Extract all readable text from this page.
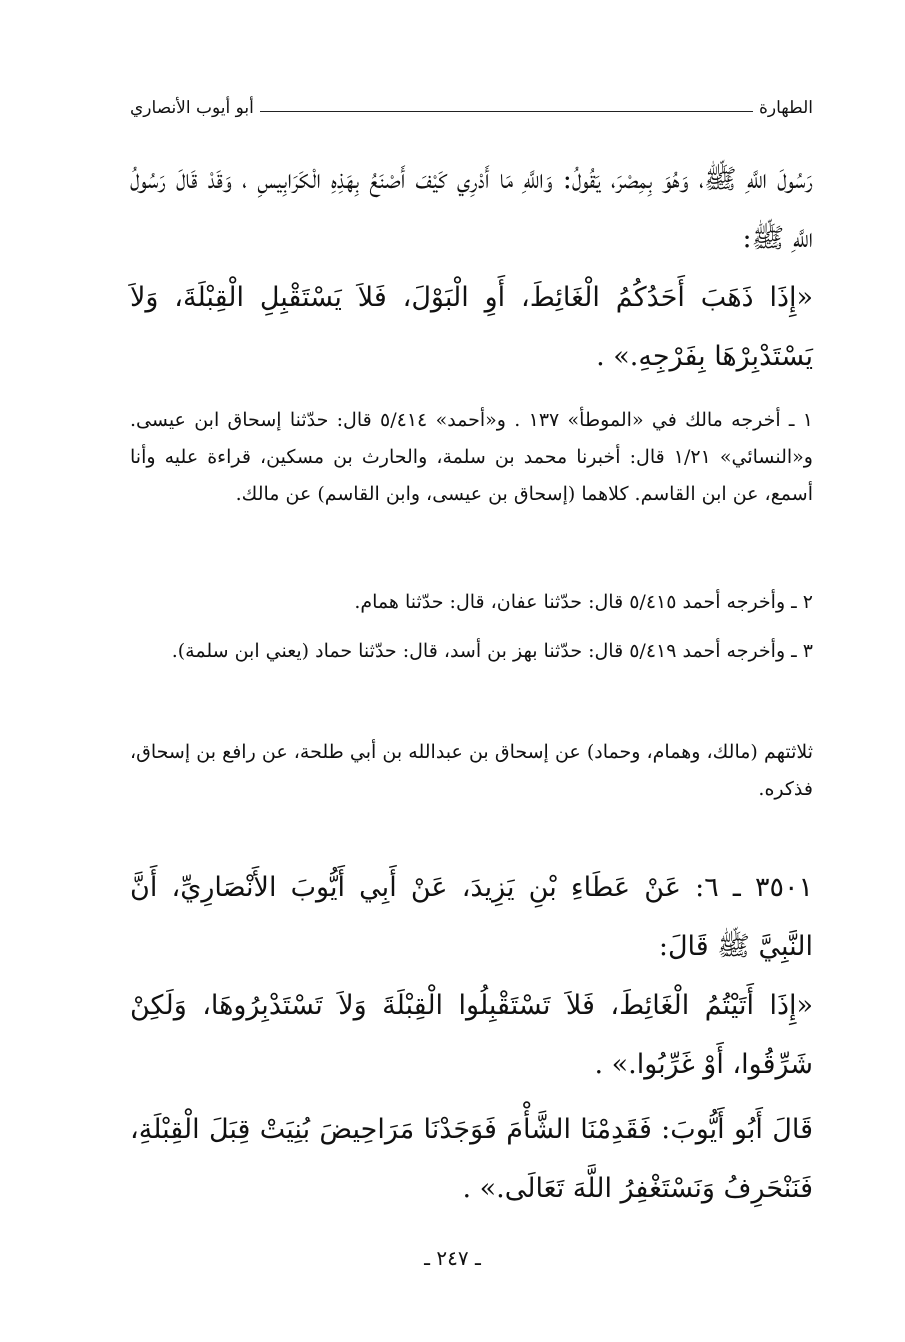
الطهارة
أبو أيوب الأنصاري

رَسُولَ اللَّهِ ﷺ، وَهُوَ بِمِصْرَ، يَقُولُ: وَاللَّهِ مَا أَدْرِي كَيْفَ أَصْنَعُ بِهَذِهِ الْكَرَابِيسِ ، وَقَدْ قَالَ رَسُولُ اللَّهِ ﷺ:

«إِذَا ذَهَبَ أَحَدُكُمُ الْغَائِطَ، أَوِ الْبَوْلَ، فَلاَ يَسْتَقْبِلِ الْقِبْلَةَ، وَلاَ يَسْتَدْبِرْهَا بِفَرْجِهِ.» .

١ ـ أخرجه مالك في «الموطأ» ١٣٧ . و«أحمد» ٥/٤١٤ قال: حدّثنا إسحاق ابن عيسى. و«النسائي» ١/٢١ قال: أخبرنا محمد بن سلمة، والحارث بن مسكين، قراءة عليه وأنا أسمع، عن ابن القاسم. كلاهما (إسحاق بن عيسى، وابن القاسم) عن مالك.

٢ ـ وأخرجه أحمد ٥/٤١٥ قال: حدّثنا عفان، قال: حدّثنا همام.

٣ ـ وأخرجه أحمد ٥/٤١٩ قال: حدّثنا بهز بن أسد، قال: حدّثنا حماد (يعني ابن سلمة).

ثلاثتهم (مالك، وهمام، وحماد) عن إسحاق بن عبدالله بن أبي طلحة، عن رافع بن إسحاق، فذكره.

٣٥٠١ ـ ٦: عَنْ عَطَاءِ بْنِ يَزِيدَ، عَنْ أَبِي أَيُّوبَ الأَنْصَارِيِّ، أَنَّ النَّبِيَّ ﷺ قَالَ:

«إِذَا أَتَيْتُمُ الْغَائِطَ، فَلاَ تَسْتَقْبِلُوا الْقِبْلَةَ وَلاَ تَسْتَدْبِرُوهَا، وَلَكِنْ شَرِّقُوا، أَوْ غَرِّبُوا.» .

قَالَ أَبُو أَيُّوبَ: فَقَدِمْنَا الشَّأْمَ فَوَجَدْنَا مَرَاحِيضَ بُنِيَتْ قِبَلَ الْقِبْلَةِ، فَنَنْحَرِفُ وَنَسْتَغْفِرُ اللَّهَ تَعَالَى.» .

ـ ٢٤٧ ـ
